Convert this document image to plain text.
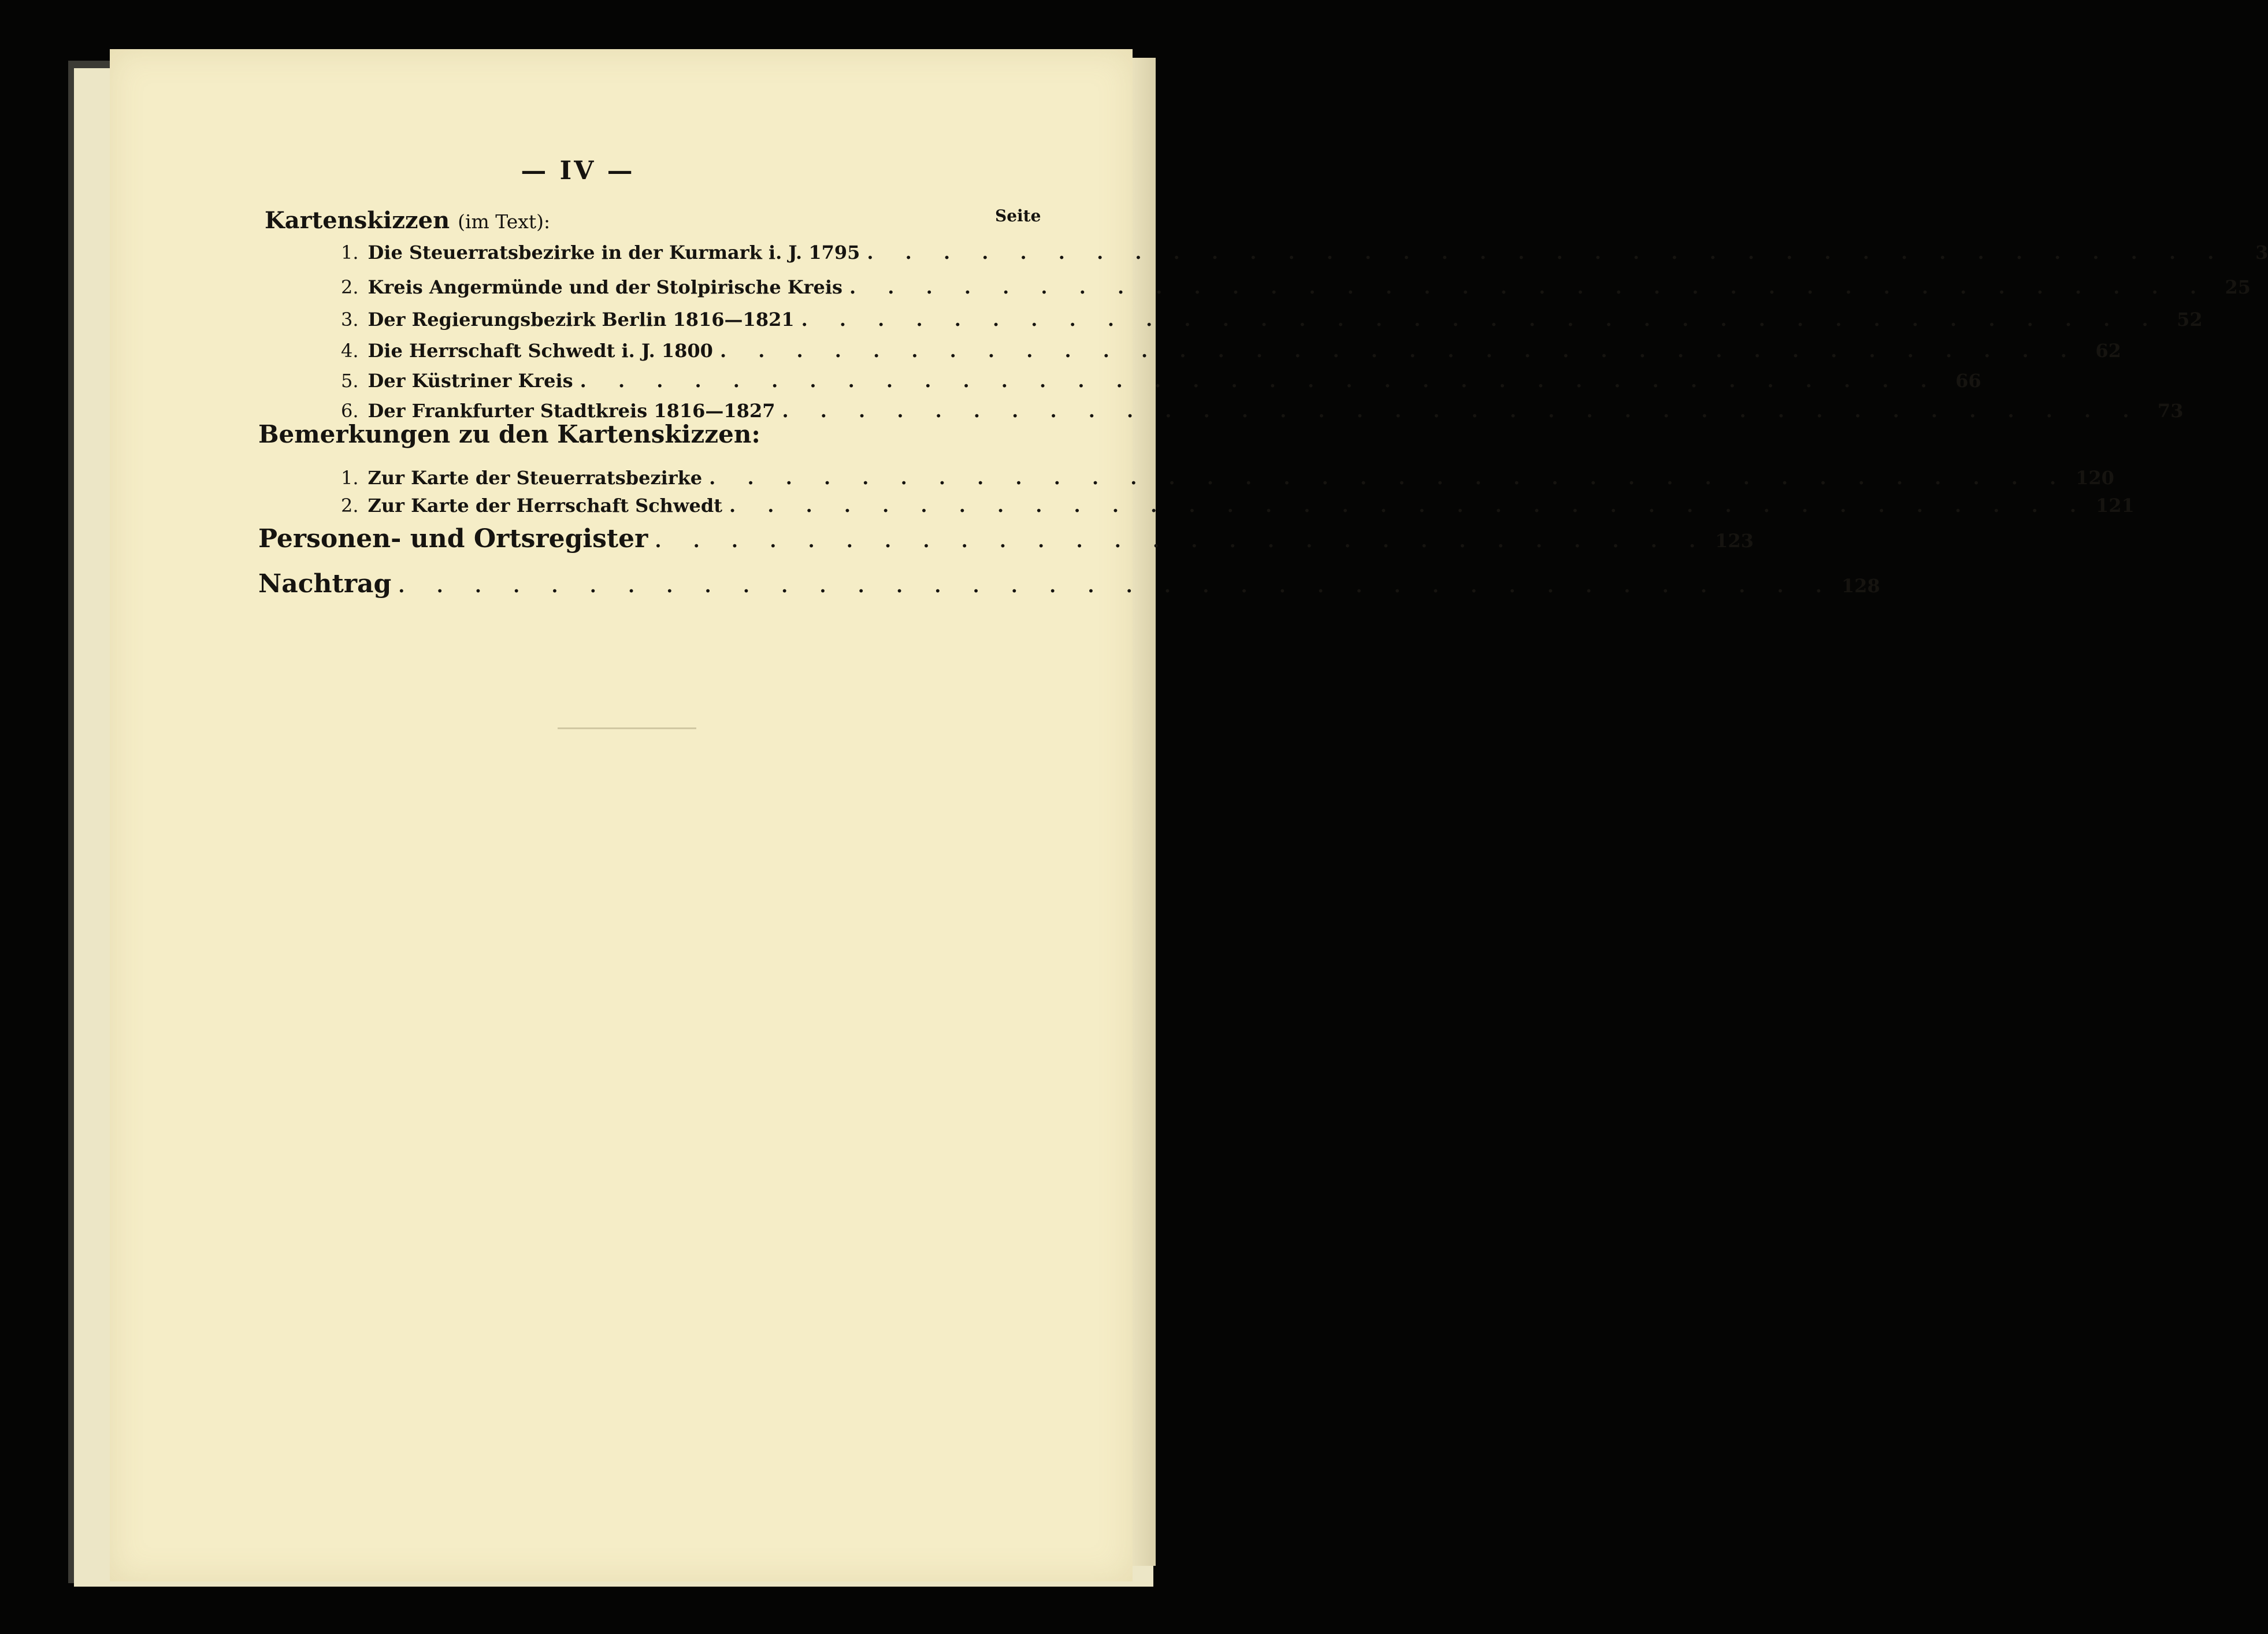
— IV —
Seite
Kartenskizzen (im Text):
1. Die Steuerratsbezirke in der Kurmark i. J. 1795 . . . . . . . . . . . . . . . . . . . . . . . . . . . . . . . . . . . .	3
2. Kreis Angermünde und der Stolpirische Kreis . . . . . . . . . . . . . . . . . . . . . . . . . . . . . . . . . . . . 25
3. Der Regierungsbezirk Berlin 1816—1821 . . . . . . . . . . . . . . . . . . . . . . . . . . . . . . . . . . . . 52
4. Die Herrschaft Schwedt i. J. 1800 . . . . . . . . . . . . . . . . . . . . . . . . . . . . . . . . . . . . 62
5. Der Küstriner Kreis . . . . . . . . . . . . . . . . . . . . . . . . . . . . . . . . . . . . 66
6. Der Frankfurter Stadtkreis 1816—1827 . . . . . . . . . . . . . . . . . . . . . . . . . . . . . . . . . . . . 73
Bemerkungen zu den Kartenskizzen:
1. Zur Karte der Steuerratsbezirke . . . . . . . . . . . . . . . . . . . . . . . . . . . . . . . . . . . . 120
2. Zur Karte der Herrschaft Schwedt . . . . . . . . . . . . . . . . . . . . . . . . . . . . . . . . . . . . 121
Personen- und Ortsregister . . . . . . . . . . . . . . . . . . . . . . . . . . . . 123
Nachtrag . . . . . . . . . . . . . . . . . . . . . . . . . . . . . . . . . . . . . . 128
